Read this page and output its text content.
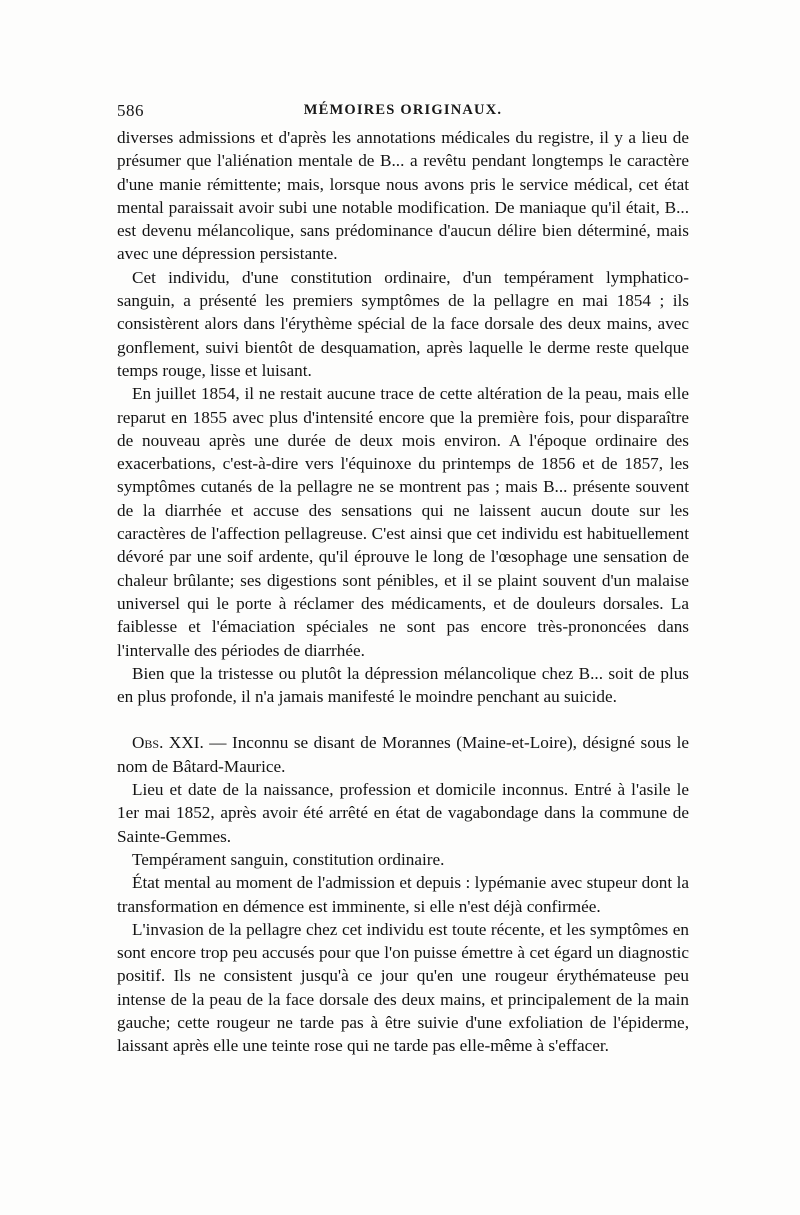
586	MÉMOIRES ORIGINAUX.

diverses admissions et d'après les annotations médicales du registre, il y a lieu de présumer que l'aliénation mentale de B... a revêtu pendant longtemps le caractère d'une manie rémittente; mais, lorsque nous avons pris le service médical, cet état mental paraissait avoir subi une notable modification. De maniaque qu'il était, B... est devenu mélancolique, sans prédominance d'aucun délire bien déterminé, mais avec une dépression persistante.

Cet individu, d'une constitution ordinaire, d'un tempérament lymphatico-sanguin, a présenté les premiers symptômes de la pellagre en mai 1854 ; ils consistèrent alors dans l'érythème spécial de la face dorsale des deux mains, avec gonflement, suivi bientôt de desquamation, après laquelle le derme reste quelque temps rouge, lisse et luisant.

En juillet 1854, il ne restait aucune trace de cette altération de la peau, mais elle reparut en 1855 avec plus d'intensité encore que la première fois, pour disparaître de nouveau après une durée de deux mois environ. A l'époque ordinaire des exacerbations, c'est-à-dire vers l'équinoxe du printemps de 1856 et de 1857, les symptômes cutanés de la pellagre ne se montrent pas ; mais B... présente souvent de la diarrhée et accuse des sensations qui ne laissent aucun doute sur les caractères de l'affection pellagreuse. C'est ainsi que cet individu est habituellement dévoré par une soif ardente, qu'il éprouve le long de l'œsophage une sensation de chaleur brûlante; ses digestions sont pénibles, et il se plaint souvent d'un malaise universel qui le porte à réclamer des médicaments, et de douleurs dorsales. La faiblesse et l'émaciation spéciales ne sont pas encore très-prononcées dans l'intervalle des périodes de diarrhée.

Bien que la tristesse ou plutôt la dépression mélancolique chez B... soit de plus en plus profonde, il n'a jamais manifesté le moindre penchant au suicide.

Obs. XXI. — Inconnu se disant de Morannes (Maine-et-Loire), désigné sous le nom de Bâtard-Maurice.

Lieu et date de la naissance, profession et domicile inconnus. Entré à l'asile le 1er mai 1852, après avoir été arrêté en état de vagabondage dans la commune de Sainte-Gemmes.

Tempérament sanguin, constitution ordinaire.

État mental au moment de l'admission et depuis : lypémanie avec stupeur dont la transformation en démence est imminente, si elle n'est déjà confirmée.

L'invasion de la pellagre chez cet individu est toute récente, et les symptômes en sont encore trop peu accusés pour que l'on puisse émettre à cet égard un diagnostic positif. Ils ne consistent jusqu'à ce jour qu'en une rougeur érythémateuse peu intense de la peau de la face dorsale des deux mains, et principalement de la main gauche; cette rougeur ne tarde pas à être suivie d'une exfoliation de l'épiderme, laissant après elle une teinte rose qui ne tarde pas elle-même à s'effacer.
